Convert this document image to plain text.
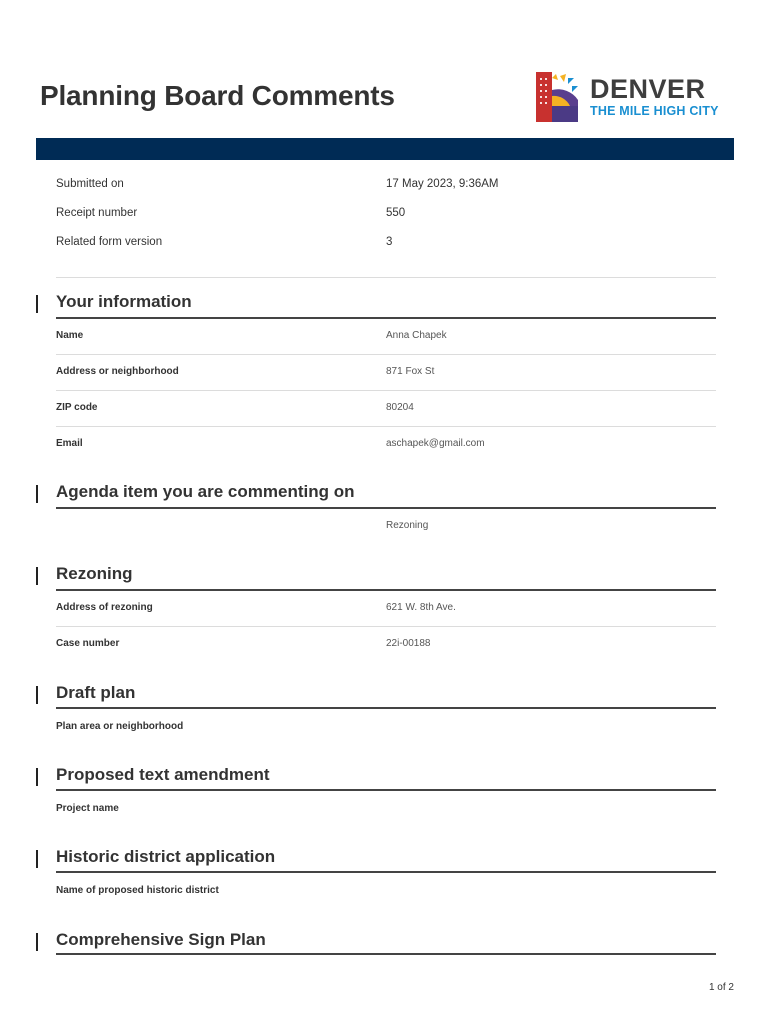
Planning Board Comments	DENVER
THE MILE HIGH CITY
Submitted on	17 May 2023, 9:36AM
Receipt number	550
Related form version	3
Your information
Name	Anna Chapek
Address or neighborhood	871 Fox St
ZIP code	80204
Email	aschapek@gmail.com
Agenda item you are commenting on
Rezoning
Rezoning
Address of rezoning	621 W. 8th Ave.
Case number	22i-00188
Draft plan
Plan area or neighborhood
Proposed text amendment
Project name
Historic district application
Name of proposed historic district
Comprehensive Sign Plan
1 of 2
